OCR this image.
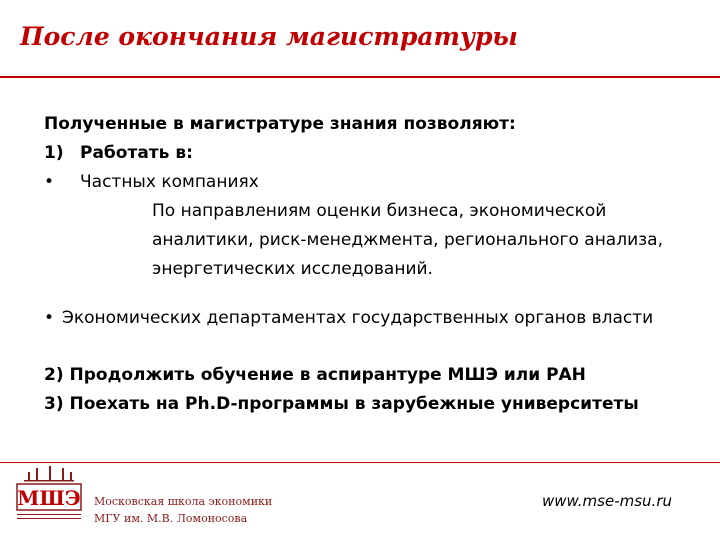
После окончания магистратуры
Полученные в магистратуре знания позволяют:
1) Работать в:
• Частных компаниях
По направлениям оценки бизнеса, экономической аналитики, риск-менеджмента, регионального анализа, энергетических исследований.
• Экономических департаментах государственных органов власти
2) Продолжить обучение в аспирантуре МШЭ или РАН
3) Поехать на Ph.D-программы в зарубежные университеты
МШЭ Московская школа экономики
МГУ им. М.В. Ломоносова
www.mse-msu.ru
